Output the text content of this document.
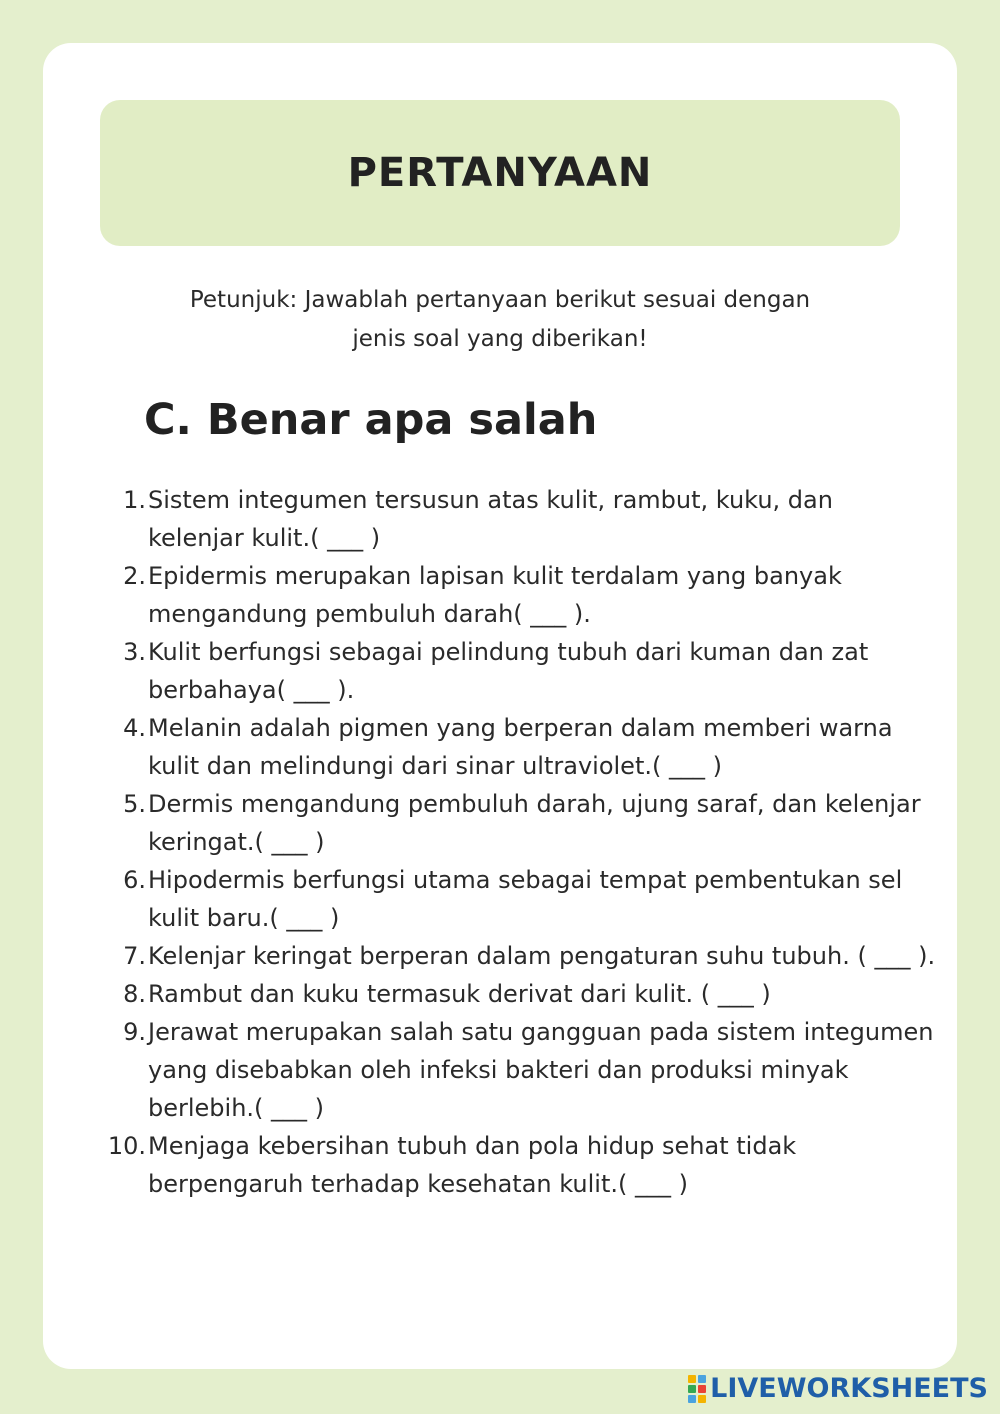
PERTANYAAN
Petunjuk: Jawablah pertanyaan berikut sesuai dengan
jenis soal yang diberikan!
C. Benar apa salah
1. Sistem integumen tersusun atas kulit, rambut, kuku, dan kelenjar kulit.( ___ )
2. Epidermis merupakan lapisan kulit terdalam yang banyak mengandung pembuluh darah( ___ ).
3. Kulit berfungsi sebagai pelindung tubuh dari kuman dan zat berbahaya( ___ ).
4. Melanin adalah pigmen yang berperan dalam memberi warna kulit dan melindungi dari sinar ultraviolet.( ___ )
5. Dermis mengandung pembuluh darah, ujung saraf, dan kelenjar keringat.( ___ )
6. Hipodermis berfungsi utama sebagai tempat pembentukan sel kulit baru.( ___ )
7. Kelenjar keringat berperan dalam pengaturan suhu tubuh. ( ___ ).
8. Rambut dan kuku termasuk derivat dari kulit. ( ___ )
9. Jerawat merupakan salah satu gangguan pada sistem integumen yang disebabkan oleh infeksi bakteri dan produksi minyak berlebih.( ___ )
10. Menjaga kebersihan tubuh dan pola hidup sehat tidak berpengaruh terhadap kesehatan kulit.( ___ )
LIVEWORKSHEETS
